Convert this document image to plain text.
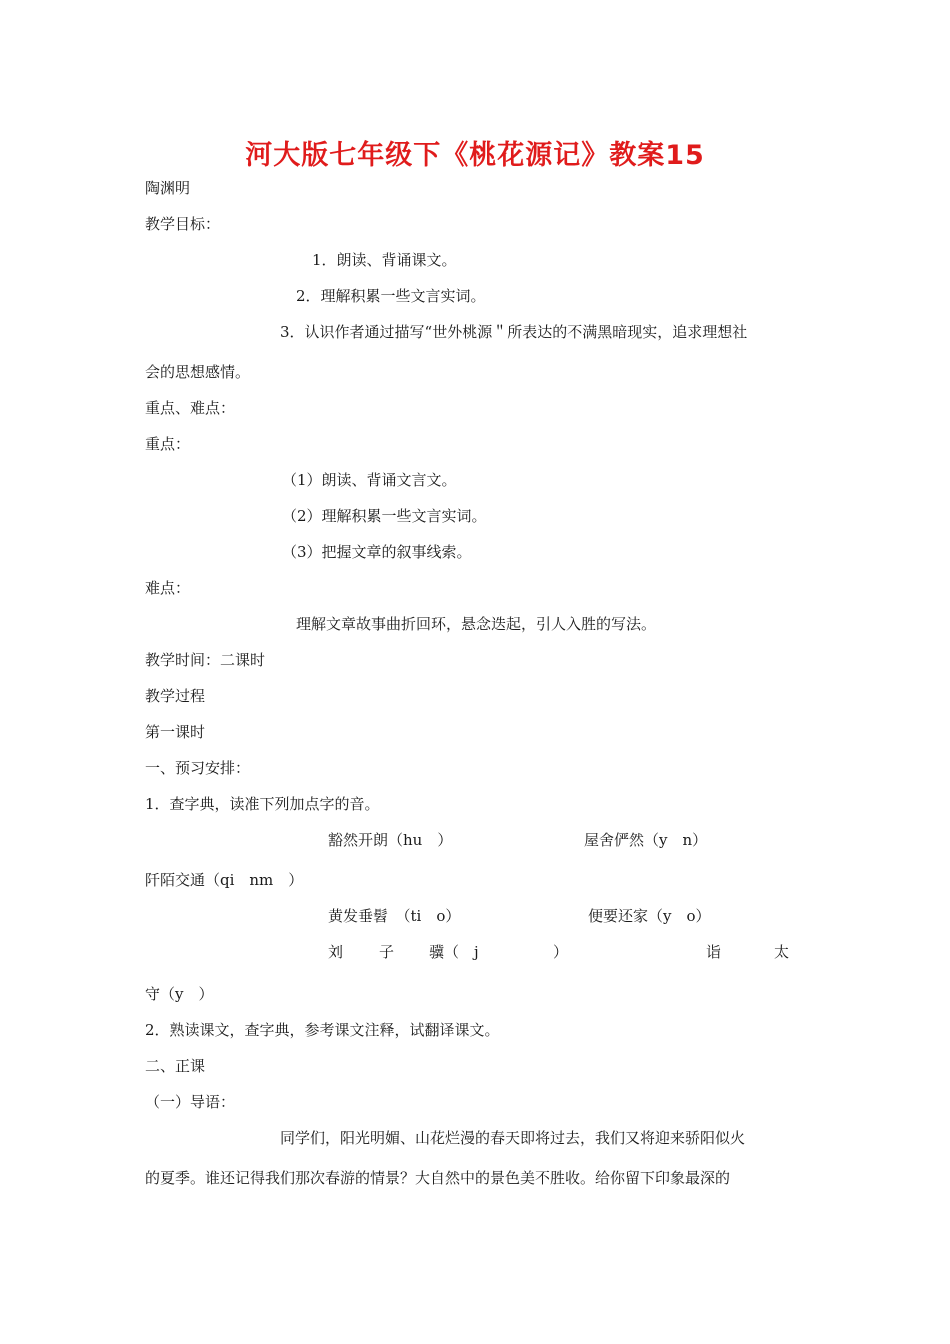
河大版七年级下《桃花源记》教案15
陶渊明
教学目标：
1．朗读、背诵课文。
2．理解积累一些文言实词。
3．认识作者通过描写“世外桃源＂所表达的不满黑暗现实，追求理想社
会的思想感情。
重点、难点：
重点：
（1）朗读、背诵文言文。
（2）理解积累一些文言实词。
（3）把握文章的叙事线索。
难点：
理解文章故事曲折回环，悬念迭起，引人入胜的写法。
教学时间：二课时
教学过程
第一课时
一、预习安排：
1．查字典，读准下列加点字的音。
豁然开朗（hu　）	屋舍俨然（y　n）
阡陌交通（qi　nm　）
黄发垂髫　（ti　o）	便要还家（y　o）
刘 子 骥（　j	）	诣	太
守（y　）
2．熟读课文，查字典，参考课文注释，试翻译课文。
二、正课
（一）导语：
同学们，阳光明媚、山花烂漫的春天即将过去，我们又将迎来骄阳似火
的夏季。谁还记得我们那次春游的情景？大自然中的景色美不胜收。给你留下印象最深的
